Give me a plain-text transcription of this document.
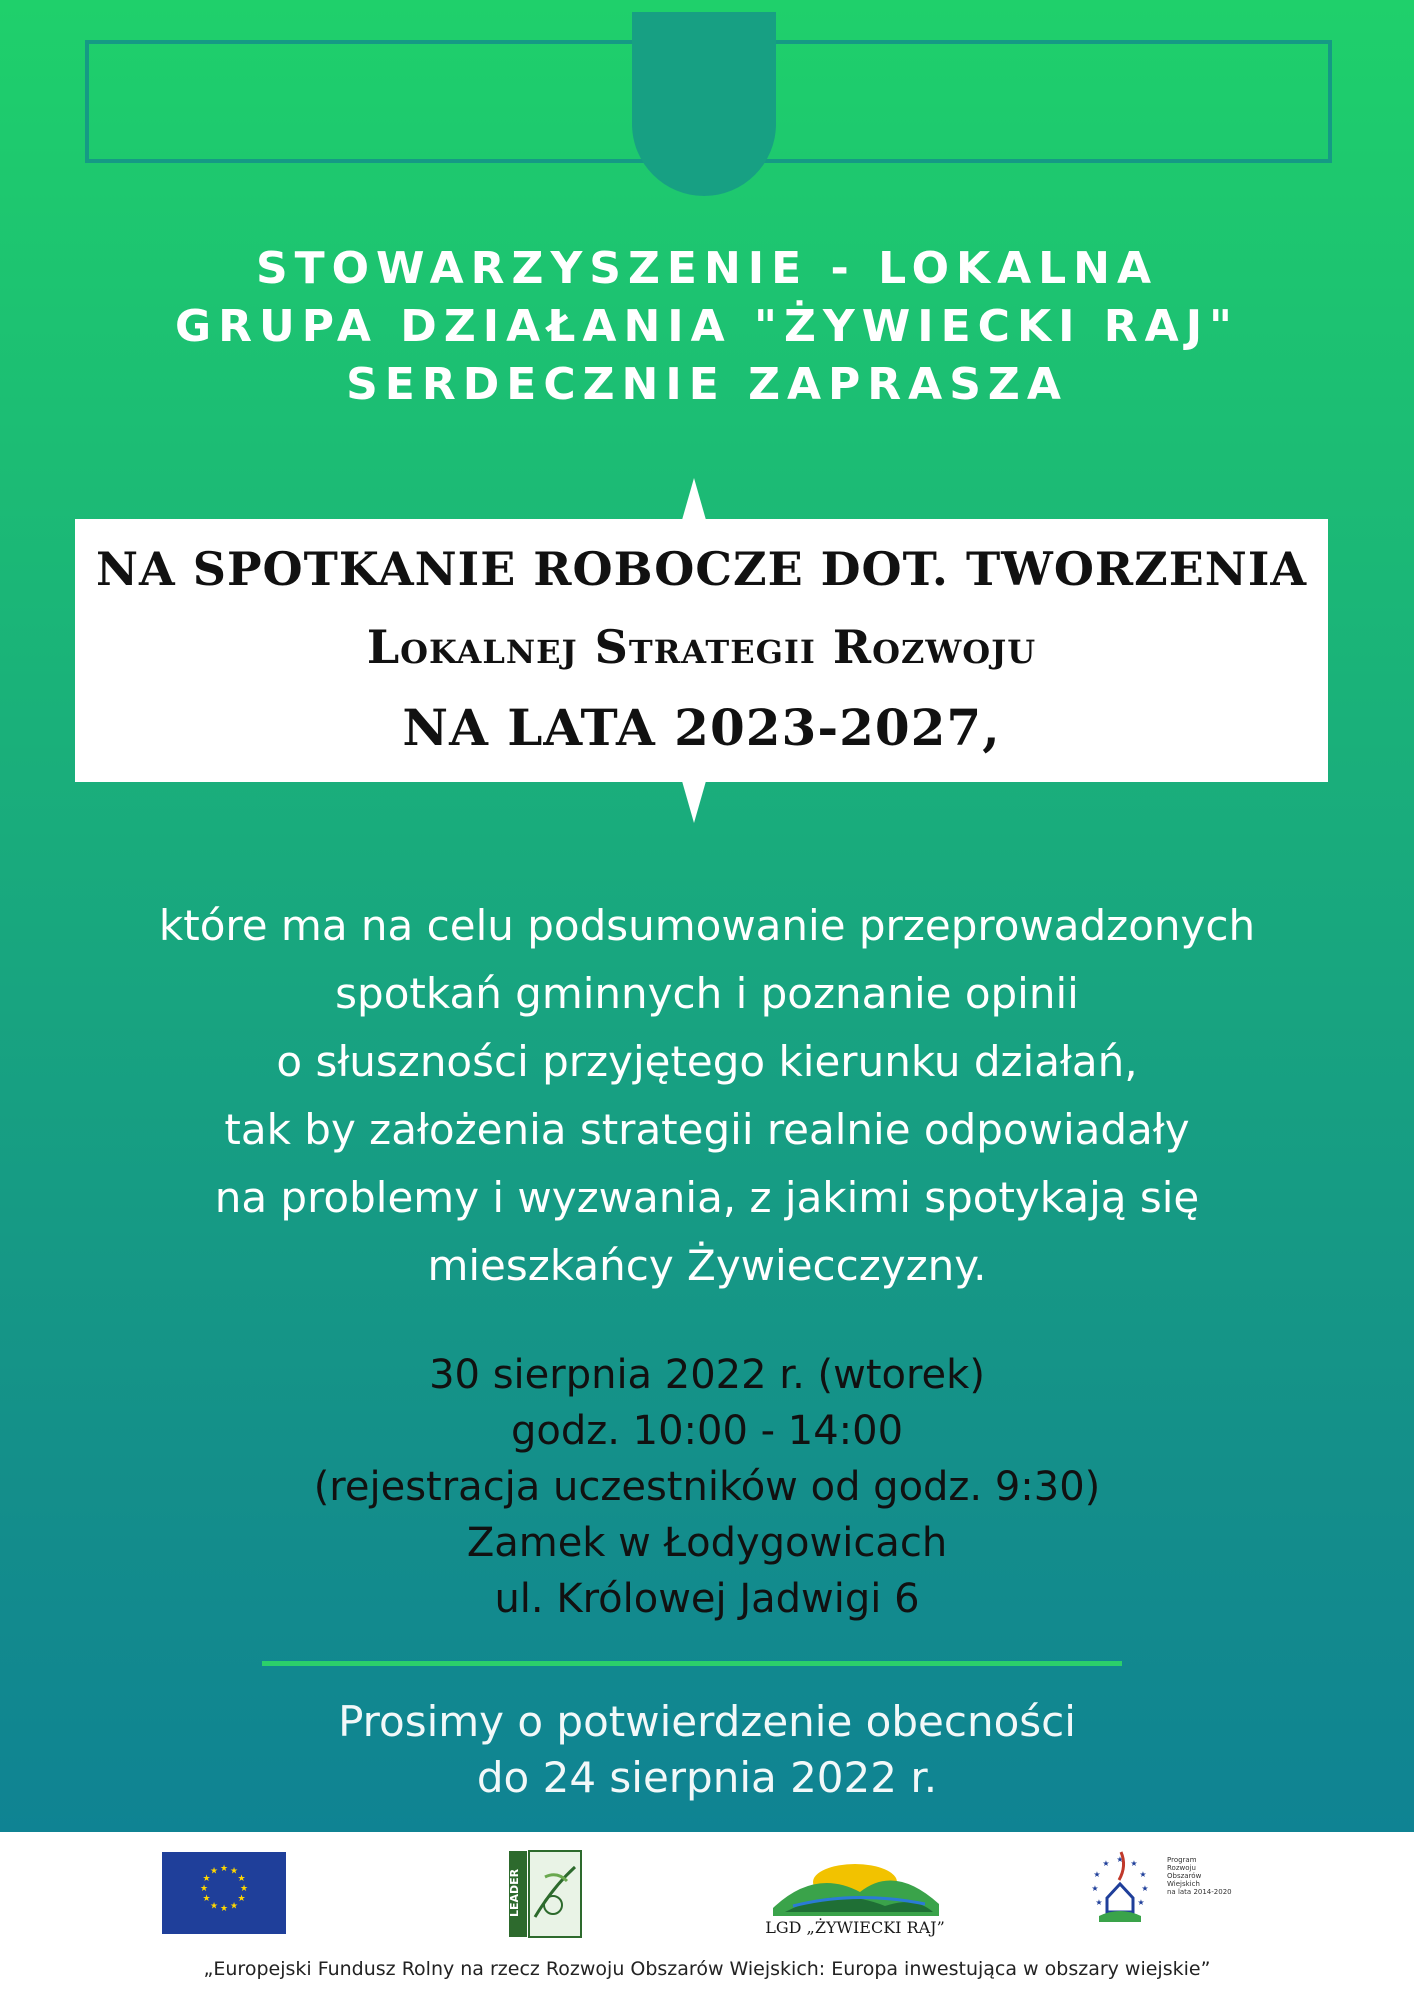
STOWARZYSZENIE - LOKALNA
GRUPA DZIAŁANIA "ŻYWIECKI RAJ"
SERDECZNIE ZAPRASZA
NA SPOTKANIE ROBOCZE DOT. TWORZENIA
Lokalnej Strategii Rozwoju
NA LATA 2023-2027,
które ma na celu podsumowanie przeprowadzonych
spotkań gminnych i poznanie opinii
o słuszności przyjętego kierunku działań,
tak by założenia strategii realnie odpowiadały
na problemy i wyzwania, z jakimi spotykają się
mieszkańcy Żywiecczyzny.
30 sierpnia 2022 r. (wtorek)
godz. 10:00 - 14:00
(rejestracja uczestników od godz. 9:30)
Zamek w Łodygowicach
ul. Królowej Jadwigi 6
Prosimy o potwierdzenie obecności
do 24 sierpnia 2022 r.
★ ★
★
★
★
★
★
★
★
★
★
★	LEADER
LGD „ŻYWIECKI RAJ”
★ ★
★
★
★
★
★
★
★	Program
Rozwoju
Obszarów
Wiejskich
na lata 2014-2020
„Europejski Fundusz Rolny na rzecz Rozwoju Obszarów Wiejskich: Europa inwestująca w obszary wiejskie”
